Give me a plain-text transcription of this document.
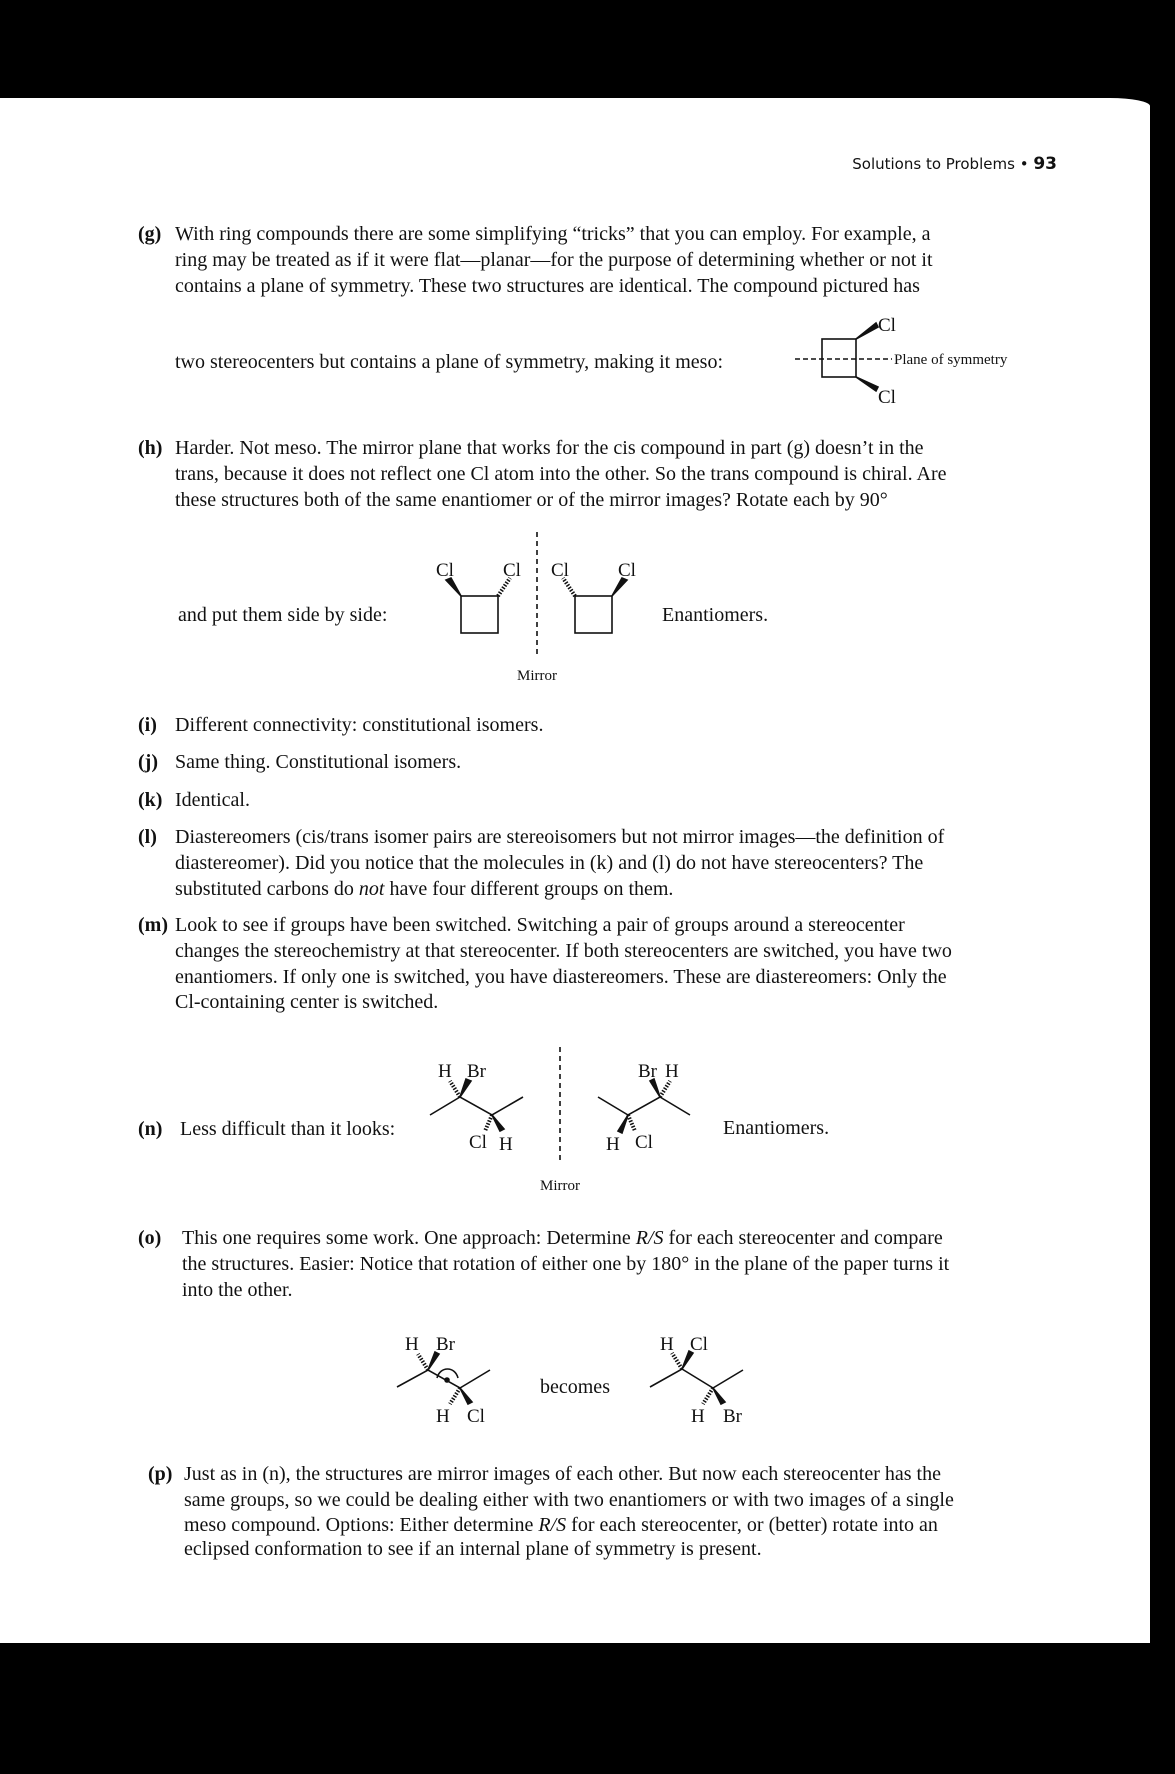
Solutions to Problems • 93
(g) With ring compounds there are some simplifying “tricks” that you can employ. For example, a
ring may be treated as if it were flat—planar—for the purpose of determining whether or not it
contains a plane of symmetry. These two structures are identical. The compound pictured has
two stereocenters but contains a plane of symmetry, making it meso:
(h) Harder. Not meso. The mirror plane that works for the cis compound in part (g) doesn’t in the
trans, because it does not reflect one Cl atom into the other. So the trans compound is chiral. Are
these structures both of the same enantiomer or of the mirror images? Rotate each by 90°
and put them side by side:	Enantiomers.
(i) Different connectivity: constitutional isomers.
(j) Same thing. Constitutional isomers.
(k) Identical.
(l) Diastereomers (cis/trans isomer pairs are stereoisomers but not mirror images—the definition of
diastereomer). Did you notice that the molecules in (k) and (l) do not have stereocenters? The
substituted carbons do not have four different groups on them.
(m) Look to see if groups have been switched. Switching a pair of groups around a stereocenter
changes the stereochemistry at that stereocenter. If both stereocenters are switched, you have two
enantiomers. If only one is switched, you have diastereomers. These are diastereomers: Only the
Cl-containing center is switched.
(n) Less difficult than it looks:	Enantiomers.
(o) This one requires some work. One approach: Determine R/S for each stereocenter and compare
the structures. Easier: Notice that rotation of either one by 180° in the plane of the paper turns it
into the other.
becomes
(p) Just as in (n), the structures are mirror images of each other. But now each stereocenter has the
same groups, so we could be dealing either with two enantiomers or with two images of a single
meso compound. Options: Either determine R/S for each stereocenter, or (better) rotate into an
eclipsed conformation to see if an internal plane of symmetry is present.
Cl
Cl
Plane of symmetry
Cl	Cl
Mirror
Cl	Cl
H Br
Cl H
Mirror
Br H
H Cl
H Br
H Cl
H Cl
H Br
